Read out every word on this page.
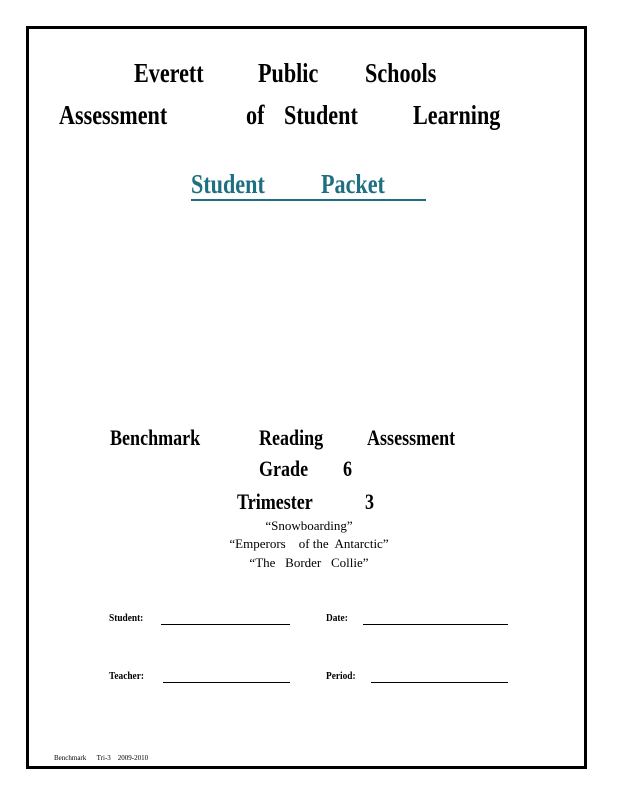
Everett Public Schools
Assessment	of Student Learning
Student Packet
Benchmark	Reading Assessment
Grade 6
Trimester 3
“Snowboarding”
“Emperors    of the  Antarctic”
“The   Border   Collie”
Student:	Date:
Teacher:	Period:
Benchmark      Tri-3    2009-2010
